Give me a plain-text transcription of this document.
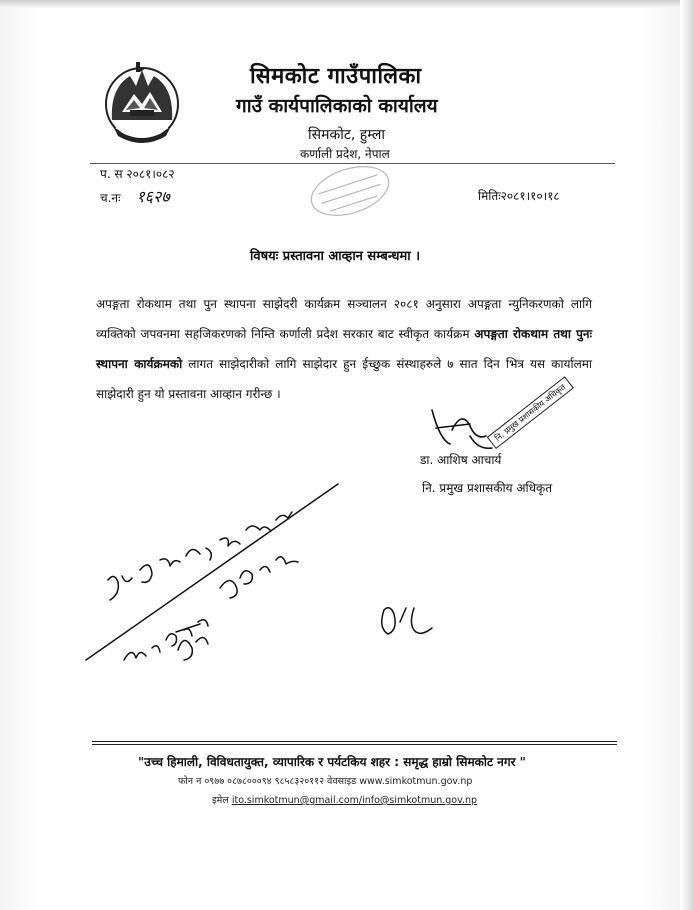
सिमकोट गाउँपालिका
गाउँ कार्यपालिकाको कार्यालय
सिमकोट, हुम्ला
कर्णाली प्रदेश, नेपाल
प. स २०८१।०८२
च.नः १६२७	मितिः२०८१।१०।१८
विषयः प्रस्तावना आव्हान सम्बन्धमा ।
अपङ्गता रोकथाम तथा पुन स्थापना साझेदरी कार्यक्रम सञ्चालन २०८१ अनुसारा अपङ्गता न्युनिकरणको लागि व्यक्तिको जपवनमा सहजिकरणको निम्ति कर्णाली प्रदेश सरकार बाट स्वीकृत कार्यक्रम अपङ्गता रोकथाम तथा पुनः स्थापना कार्यक्रमको लागत साझेदारीको लागि साझेदार हुन ईच्छुक संस्थाहरुले ७ सात दिन भित्र यस कार्यालमा साझेदारी हुन यो प्रस्तावना आव्हान गरीन्छ ।	नि. प्रमुख प्रशासकीय अधिकृत
डा. आशिष आचार्य
नि. प्रमुख प्रशासकीय अधिकृत
"उच्च हिमाली, विविधतायुक्त, व्यापारिक र पर्यटकिय शहर : समृद्ध हाम्रो सिमकोट नगर "
फोन न ०९७७ ०८७८०००९४ ९८५८३२०११२ वेवसाइड www.simkotmun.gov.np
इमेल ito.simkotmun@gmail.com/info@simkotmun.gov.np
